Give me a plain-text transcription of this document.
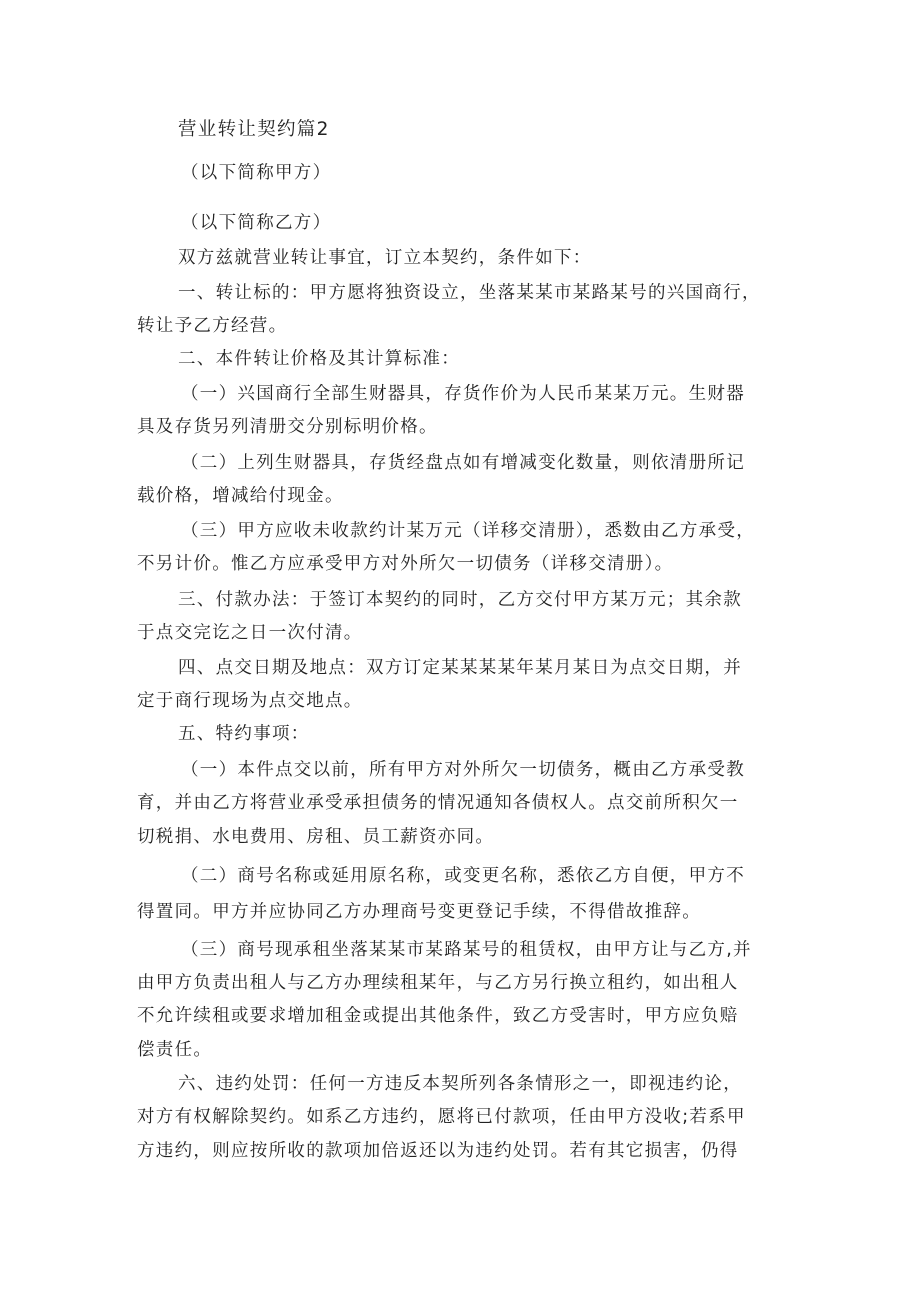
营业转让契约篇2
（以下简称甲方）
（以下简称乙方）
双方兹就营业转让事宜，订立本契约，条件如下：
一、转让标的：甲方愿将独资设立，坐落某某市某路某号的兴国商行，
转让予乙方经营。
二、本件转让价格及其计算标准：
（一）兴国商行全部生财器具，存货作价为人民币某某万元。生财器
具及存货另列清册交分别标明价格。
（二）上列生财器具，存货经盘点如有增减变化数量，则依清册所记
载价格，增减给付现金。
（三）甲方应收未收款约计某万元（详移交清册），悉数由乙方承受，
不另计价。惟乙方应承受甲方对外所欠一切债务（详移交清册）。
三、付款办法：于签订本契约的同时，乙方交付甲方某万元；其余款
于点交完讫之日一次付清。
四、点交日期及地点：双方订定某某某某年某月某日为点交日期，并
定于商行现场为点交地点。
五、特约事项：
（一）本件点交以前，所有甲方对外所欠一切债务，概由乙方承受教
育，并由乙方将营业承受承担债务的情况通知各债权人。点交前所积欠一
切税捐、水电费用、房租、员工薪资亦同。
（二）商号名称或延用原名称，或变更名称，悉依乙方自便，甲方不
得置同。甲方并应协同乙方办理商号变更登记手续，不得借故推辞。
（三）商号现承租坐落某某市某路某号的租赁权，由甲方让与乙方,并
由甲方负责出租人与乙方办理续租某年，与乙方另行换立租约，如出租人
不允许续租或要求增加租金或提出其他条件，致乙方受害时，甲方应负赔
偿责任。
六、违约处罚：任何一方违反本契所列各条情形之一，即视违约论，
对方有权解除契约。如系乙方违约，愿将已付款项，任由甲方没收;若系甲
方违约，则应按所收的款项加倍返还以为违约处罚。若有其它损害，仍得
